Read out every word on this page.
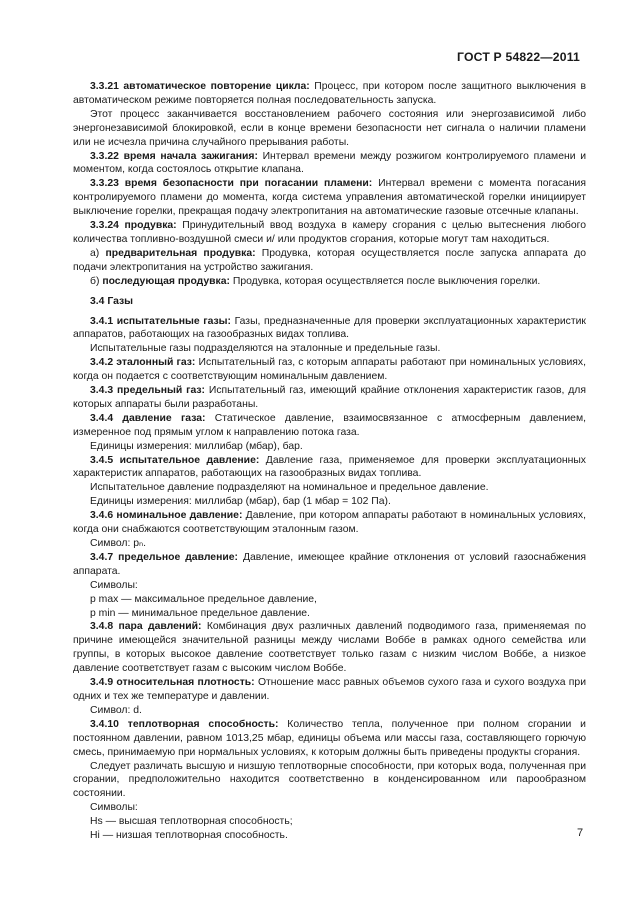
ГОСТ Р 54822—2011

3.3.21 автоматическое повторение цикла: Процесс, при котором после защитного выключения в автоматическом режиме повторяется полная последовательность запуска.

Этот процесс заканчивается восстановлением рабочего состояния или энергозависимой либо энергонезависимой блокировкой, если в конце времени безопасности нет сигнала о наличии пламени или не исчезла причина случайного прерывания работы.

3.3.22 время начала зажигания: Интервал времени между розжигом контролируемого пламени и моментом, когда состоялось открытие клапана.

3.3.23 время безопасности при погасании пламени: Интервал времени с момента погасания контролируемого пламени до момента, когда система управления автоматической горелки инициирует выключение горелки, прекращая подачу электропитания на автоматические газовые отсечные клапаны.

3.3.24 продувка: Принудительный ввод воздуха в камеру сгорания с целью вытеснения любого количества топливно-воздушной смеси и/ или продуктов сгорания, которые могут там находиться.

а) предварительная продувка: Продувка, которая осуществляется после запуска аппарата до подачи электропитания на устройство зажигания.

б) последующая продувка: Продувка, которая осуществляется после выключения горелки.

3.4 Газы

3.4.1 испытательные газы: Газы, предназначенные для проверки эксплуатационных характеристик аппаратов, работающих на газообразных видах топлива.

Испытательные газы подразделяются на эталонные и предельные газы.

3.4.2 эталонный газ: Испытательный газ, с которым аппараты работают при номинальных условиях, когда он подается с соответствующим номинальным давлением.

3.4.3 предельный газ: Испытательный газ, имеющий крайние отклонения характеристик газов, для которых аппараты были разработаны.

3.4.4 давление газа: Статическое давление, взаимосвязанное с атмосферным давлением, измеренное под прямым углом к направлению потока газа.

Единицы измерения: миллибар (мбар), бар.

3.4.5 испытательное давление: Давление газа, применяемое для проверки эксплуатационных характеристик аппаратов, работающих на газообразных видах топлива.

Испытательное давление подразделяют на номинальное и предельное давление.

Единицы измерения: миллибар (мбар), бар (1 мбар = 102 Па).

3.4.6 номинальное давление: Давление, при котором аппараты работают в номинальных условиях, когда они снабжаются соответствующим эталонным газом.

Символ: pₙ.

3.4.7 предельное давление: Давление, имеющее крайние отклонения от условий газоснабжения аппарата.

Символы:

p max — максимальное предельное давление,

p min — минимальное предельное давление.

3.4.8 пара давлений: Комбинация двух различных давлений подводимого газа, применяемая по причине имеющейся значительной разницы между числами Воббе в рамках одного семейства или группы, в которых высокое давление соответствует только газам с низким числом Воббе, а низкое давление соответствует газам с высоким числом Воббе.

3.4.9 относительная плотность: Отношение масс равных объемов сухого газа и сухого воздуха при одних и тех же температуре и давлении.

Символ: d.

3.4.10 теплотворная способность: Количество тепла, полученное при полном сгорании и постоянном давлении, равном 1013,25 мбар, единицы объема или массы газа, составляющего горючую смесь, принимаемую при нормальных условиях, к которым должны быть приведены продукты сгорания.

Следует различать высшую и низшую теплотворные способности, при которых вода, полученная при сгорании, предположительно находится соответственно в конденсированном или парообразном состоянии.

Символы:

Hs — высшая теплотворная способность;

Hi — низшая теплотворная способность.	7
